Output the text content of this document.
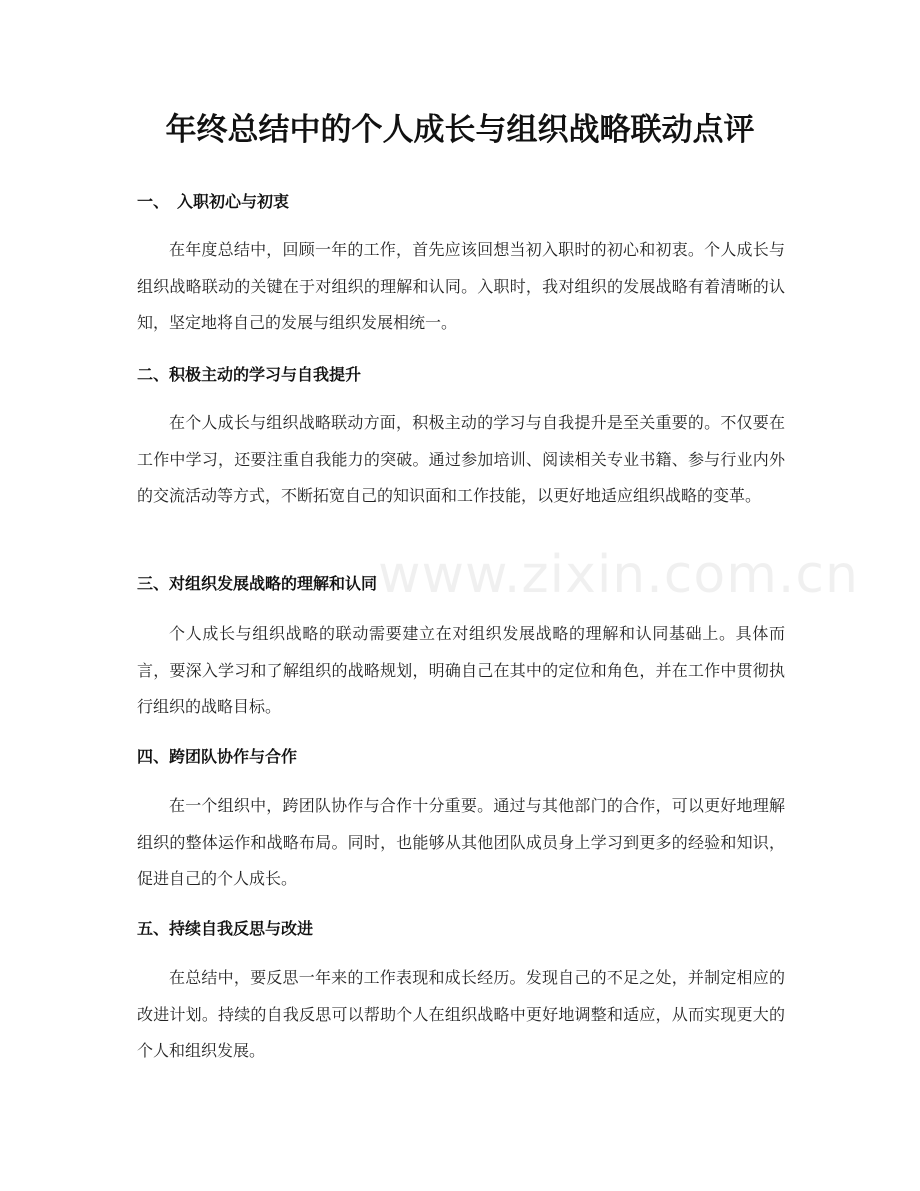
www.zixin.com.cn
年终总结中的个人成长与组织战略联动点评
一、　入职初心与初衷

在年度总结中，回顾一年的工作，首先应该回想当初入职时的初心和初衷。个人成长与组织战略联动的关键在于对组织的理解和认同。入职时，我对组织的发展战略有着清晰的认知，坚定地将自己的发展与组织发展相统一。

二、积极主动的学习与自我提升

在个人成长与组织战略联动方面，积极主动的学习与自我提升是至关重要的。不仅要在工作中学习，还要注重自我能力的突破。通过参加培训、阅读相关专业书籍、参与行业内外的交流活动等方式，不断拓宽自己的知识面和工作技能，以更好地适应组织战略的变革。

三、对组织发展战略的理解和认同

个人成长与组织战略的联动需要建立在对组织发展战略的理解和认同基础上。具体而言，要深入学习和了解组织的战略规划，明确自己在其中的定位和角色，并在工作中贯彻执行组织的战略目标。

四、跨团队协作与合作

在一个组织中，跨团队协作与合作十分重要。通过与其他部门的合作，可以更好地理解组织的整体运作和战略布局。同时，也能够从其他团队成员身上学习到更多的经验和知识，促进自己的个人成长。

五、持续自我反思与改进

在总结中，要反思一年来的工作表现和成长经历。发现自己的不足之处，并制定相应的改进计划。持续的自我反思可以帮助个人在组织战略中更好地调整和适应，从而实现更大的个人和组织发展。
